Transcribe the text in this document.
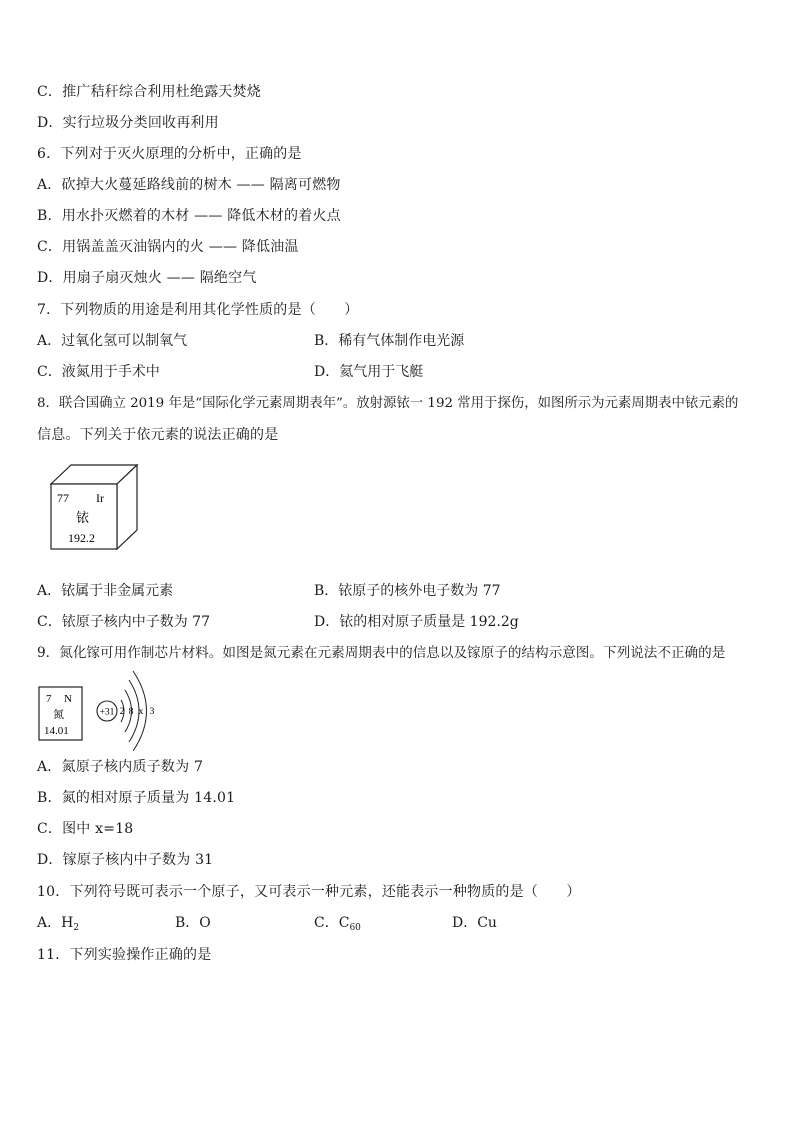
C．推广秸秆综合利用杜绝露天焚烧
D．实行垃圾分类回收再利用
6．下列对于灭火原理的分析中，正确的是
A．砍掉大火蔓延路线前的树木 —— 隔离可燃物
B．用水扑灭燃着的木材 —— 降低木材的着火点
C．用锅盖盖灭油锅内的火 —— 降低油温
D．用扇子扇灭烛火 —— 隔绝空气
7．下列物质的用途是利用其化学性质的是（　　）
A．过氧化氢可以制氧气	B．稀有气体制作电光源
C．液氮用于手术中	D．氦气用于飞艇
8．联合国确立 2019 年是“国际化学元素周期表年”。放射源铱一 192 常用于探伤，如图所示为元素周期表中铱元素的
信息。下列关于依元素的说法正确的是
77 Ir
铱
192.2
A．铱属于非金属元素	B．铱原子的核外电子数为 77
C．铱原子核内中子数为 77	D．铱的相对原子质量是 192.2g
9．氮化镓可用作制芯片材料。如图是氮元素在元素周期表中的信息以及镓原子的结构示意图。下列说法不正确的是
7 N
氮
14.01
+31 2 8 x 3
A．氮原子核内质子数为 7
B．氮的相对原子质量为 14.01
C．图中 x=18
D．镓原子核内中子数为 31
10．下列符号既可表示一个原子，又可表示一种元素，还能表示一种物质的是（　　）
A．$H_2$	B．O	C．$C_{60}$	D．Cu
11．下列实验操作正确的是
